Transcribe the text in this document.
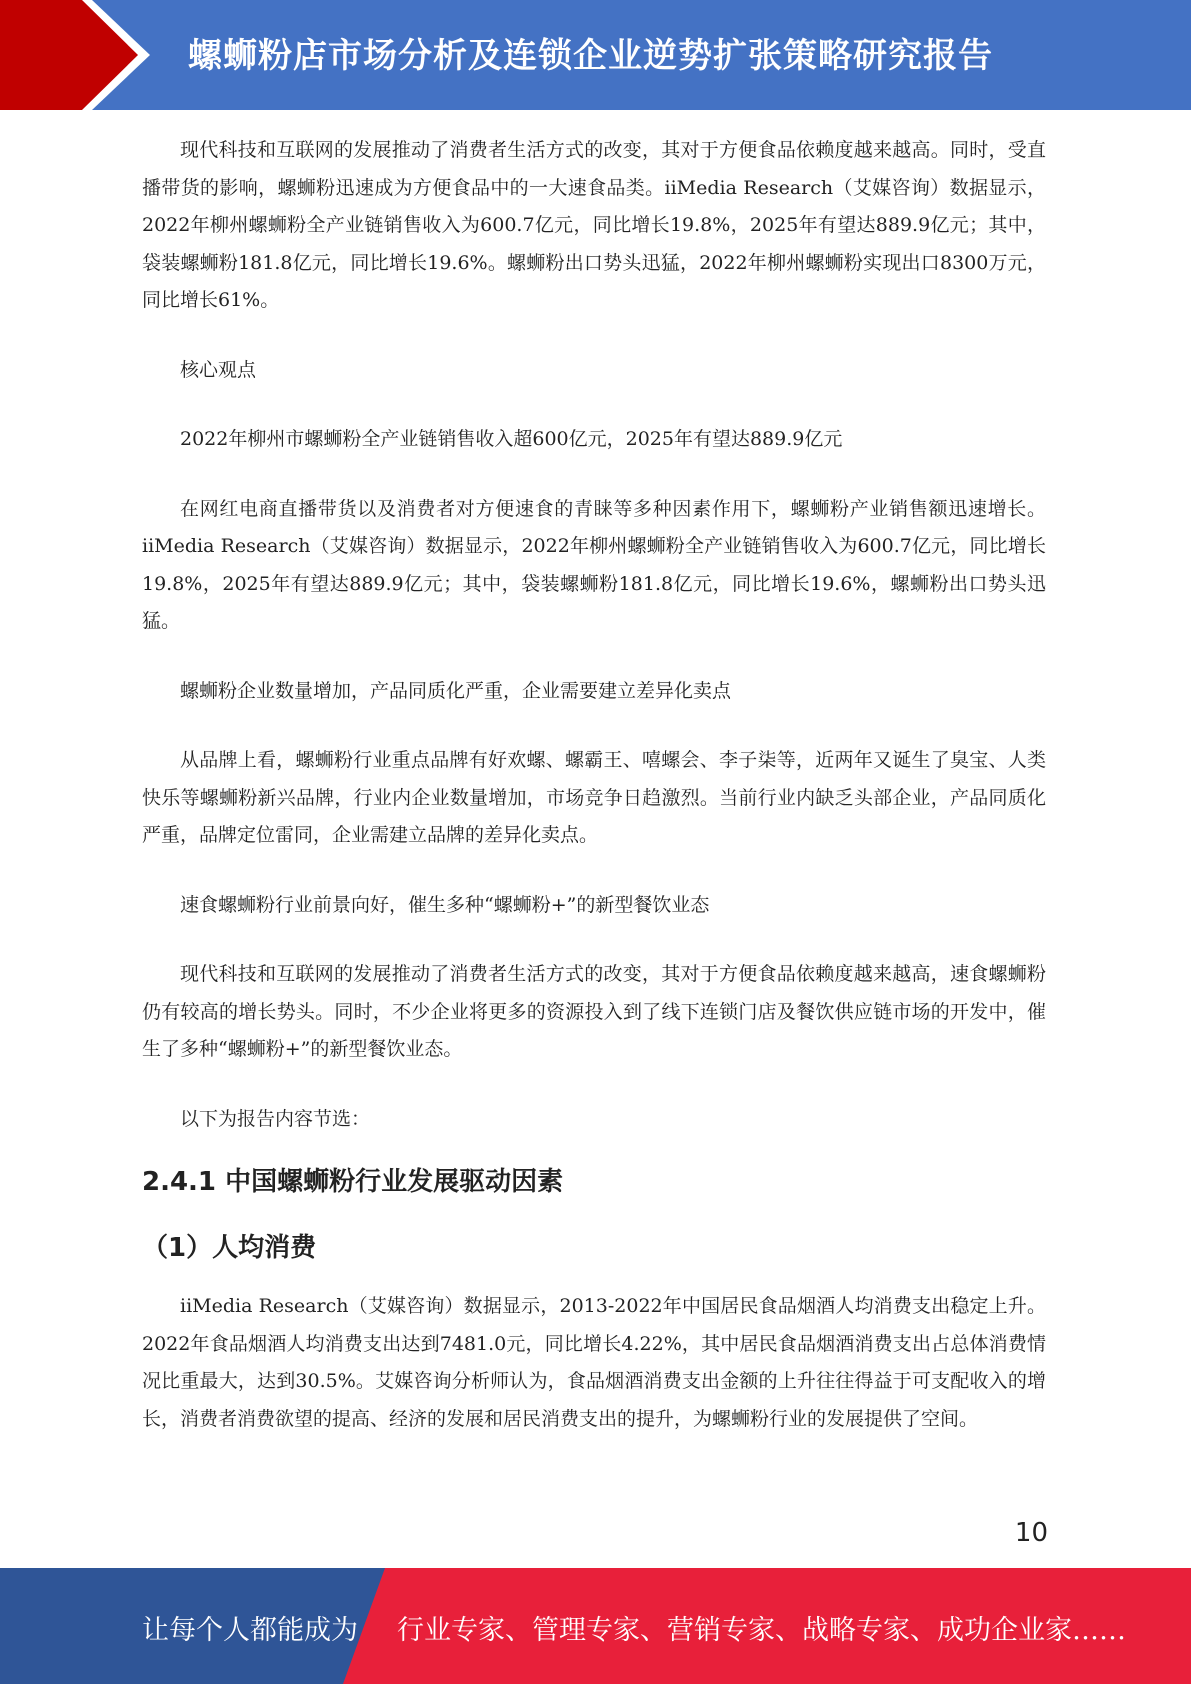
螺蛳粉店市场分析及连锁企业逆势扩张策略研究报告

现代科技和互联网的发展推动了消费者生活方式的改变，其对于方便食品依赖度越来越高。同时，受直播带货的影响，螺蛳粉迅速成为方便食品中的一大速食品类。iiMedia Research（艾媒咨询）数据显示，2022年柳州螺蛳粉全产业链销售收入为600.7亿元，同比增长19.8%，2025年有望达889.9亿元；其中，袋装螺蛳粉181.8亿元，同比增长19.6%。螺蛳粉出口势头迅猛，2022年柳州螺蛳粉实现出口8300万元，同比增长61%。

核心观点

2022年柳州市螺蛳粉全产业链销售收入超600亿元，2025年有望达889.9亿元

在网红电商直播带货以及消费者对方便速食的青睐等多种因素作用下，螺蛳粉产业销售额迅速增长。iiMedia Research（艾媒咨询）数据显示，2022年柳州螺蛳粉全产业链销售收入为600.7亿元，同比增长19.8%，2025年有望达889.9亿元；其中，袋装螺蛳粉181.8亿元，同比增长19.6%，螺蛳粉出口势头迅猛。

螺蛳粉企业数量增加，产品同质化严重，企业需要建立差异化卖点

从品牌上看，螺蛳粉行业重点品牌有好欢螺、螺霸王、嘻螺会、李子柒等，近两年又诞生了臭宝、人类快乐等螺蛳粉新兴品牌，行业内企业数量增加，市场竞争日趋激烈。当前行业内缺乏头部企业，产品同质化严重，品牌定位雷同，企业需建立品牌的差异化卖点。

速食螺蛳粉行业前景向好，催生多种“螺蛳粉+”的新型餐饮业态

现代科技和互联网的发展推动了消费者生活方式的改变，其对于方便食品依赖度越来越高，速食螺蛳粉仍有较高的增长势头。同时，不少企业将更多的资源投入到了线下连锁门店及餐饮供应链市场的开发中，催生了多种“螺蛳粉+”的新型餐饮业态。

以下为报告内容节选：

2.4.1 中国螺蛳粉行业发展驱动因素
（1）人均消费

iiMedia Research（艾媒咨询）数据显示，2013-2022年中国居民食品烟酒人均消费支出稳定上升。2022年食品烟酒人均消费支出达到7481.0元，同比增长4.22%，其中居民食品烟酒消费支出占总体消费情况比重最大，达到30.5%。艾媒咨询分析师认为，食品烟酒消费支出金额的上升往往得益于可支配收入的增长，消费者消费欲望的提高、经济的发展和居民消费支出的提升，为螺蛳粉行业的发展提供了空间。

10
让每个人都能成为 行业专家、管理专家、营销专家、战略专家、成功企业家……
